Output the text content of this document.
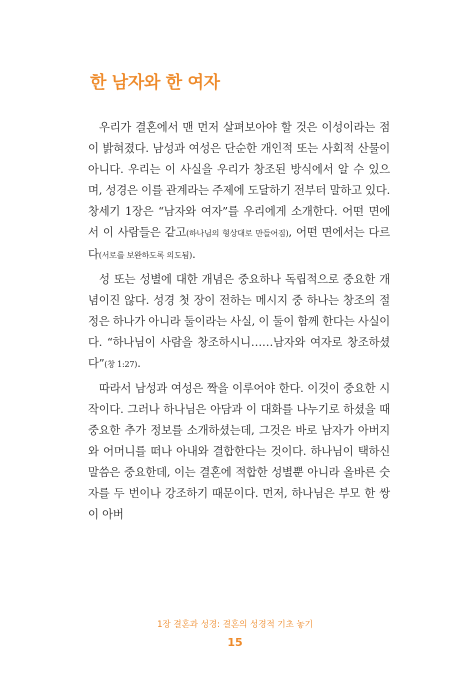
한 남자와 한 여자

우리가 결혼에서 맨 먼저 살펴보아야 할 것은 이성이라는 점이 밝혀졌다. 남성과 여성은 단순한 개인적 또는 사회적 산물이 아니다. 우리는 이 사실을 우리가 창조된 방식에서 알 수 있으며, 성경은 이를 관계라는 주제에 도달하기 전부터 말하고 있다. 창세기 1장은 “남자와 여자”를 우리에게 소개한다. 어떤 면에서 이 사람들은 같고(하나님의 형상대로 만들어짐), 어떤 면에서는 다르다(서로를 보완하도록 의도됨).

성 또는 성별에 대한 개념은 중요하나 독립적으로 중요한 개념이진 않다. 성경 첫 장이 전하는 메시지 중 하나는 창조의 절정은 하나가 아니라 둘이라는 사실, 이 둘이 함께 한다는 사실이다. “하나님이 사람을 창조하시니……남자와 여자로 창조하셨다”(창 1:27).

따라서 남성과 여성은 짝을 이루어야 한다. 이것이 중요한 시작이다. 그러나 하나님은 아담과 이 대화를 나누기로 하셨을 때 중요한 추가 정보를 소개하셨는데, 그것은 바로 남자가 아버지와 어머니를 떠나 아내와 결합한다는 것이다. 하나님이 택하신 말씀은 중요한데, 이는 결혼에 적합한 성별뿐 아니라 올바른 숫자를 두 번이나 강조하기 때문이다. 먼저, 하나님은 부모 한 쌍이 아버

1장 결혼과 성경: 결혼의 성경적 기초 놓기
15
